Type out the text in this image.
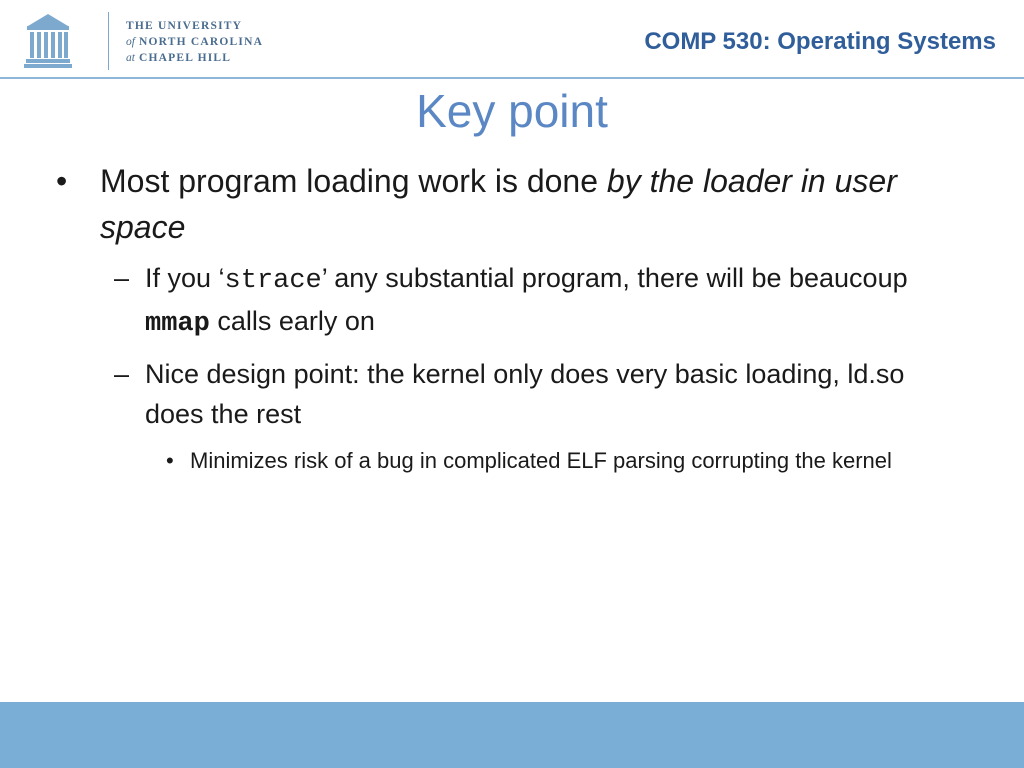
THE UNIVERSITY
of NORTH CAROLINA
at CHAPEL HILL
COMP 530: Operating Systems
Key point
• Most program loading work is done by the loader in user space
– If you ‘strace’ any substantial program, there will be beaucoup mmap calls early on
– Nice design point: the kernel only does very basic loading, ld.so does the rest
• Minimizes risk of a bug in complicated ELF parsing corrupting the kernel
